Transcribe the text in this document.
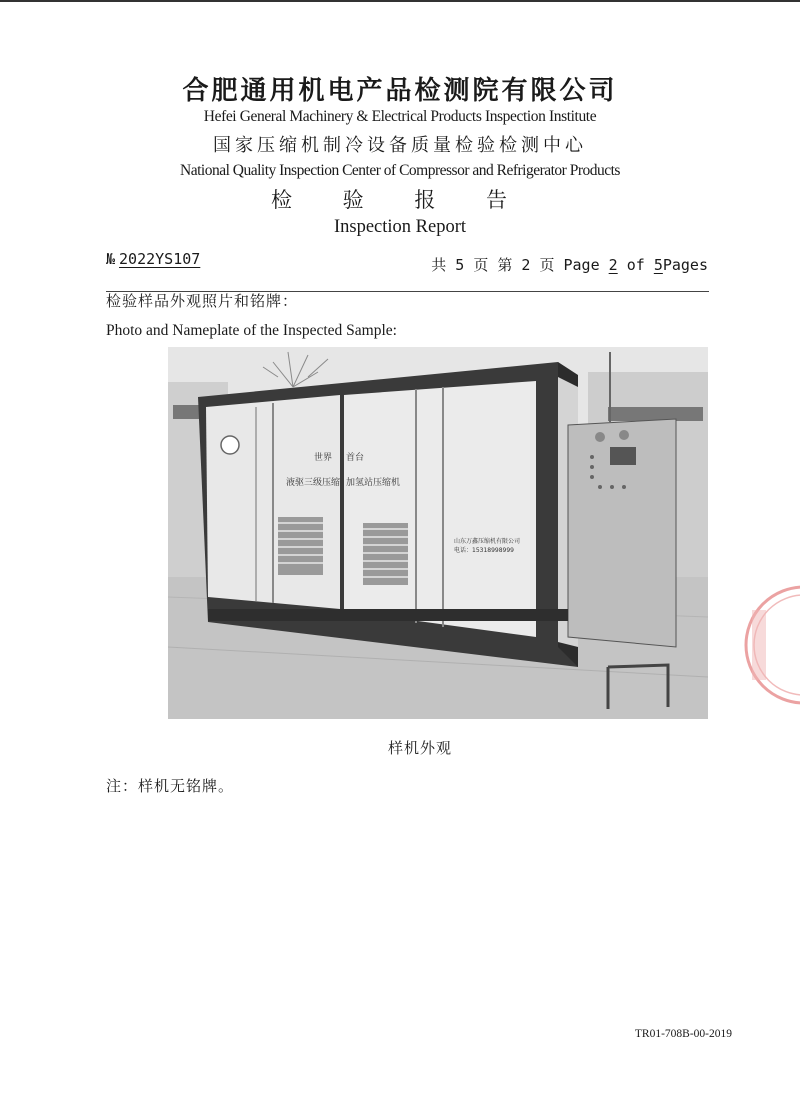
合肥通用机电产品检测院有限公司
Hefei General Machinery & Electrical Products Inspection Institute
国家压缩机制冷设备质量检验检测中心
National Quality Inspection Center of Compressor and Refrigerator Products
检 验 报 告
Inspection Report
№ 2022YS107	共 5 页 第 2 页 Page 2 of 5Pages
检验样品外观照片和铭牌：
Photo and Nameplate of the Inspected Sample:
世界 首台
液驱三级压缩 加氢站压缩机
山东万鑫压缩机有限公司
电话：15318998999
样机外观
注：样机无铭牌。
TR01-708B-00-2019
